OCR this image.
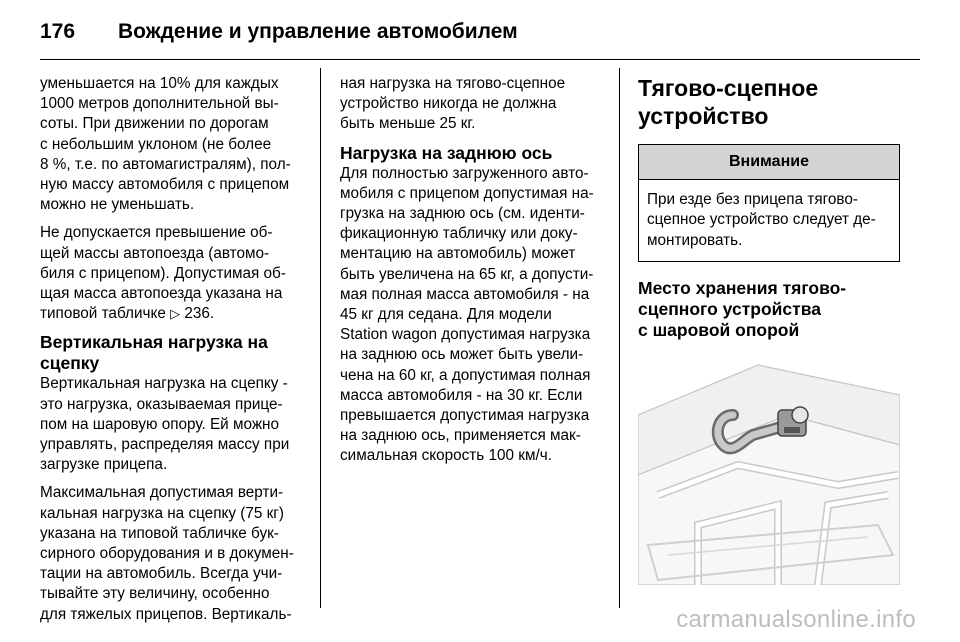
176	Вождение и управление автомобилем

уменьшается на 10% для каждых
1000 метров дополнительной вы-
соты. При движении по дорогам
с небольшим уклоном (не более
8 %, т.е. по автомагистралям), пол-
ную массу автомобиля с прицепом
можно не уменьшать.

Не допускается превышение об-
щей массы автопоезда (автомо-
биля с прицепом). Допустимая об-
щая масса автопоезда указана на
типовой табличке ▷ 236.

Вертикальная нагрузка на
сцепку

Вертикальная нагрузка на сцепку -
это нагрузка, оказываемая прице-
пом на шаровую опору. Ей можно
управлять, распределяя массу при
загрузке прицепа.

Максимальная допустимая верти-
кальная нагрузка на сцепку (75 кг)
указана на типовой табличке бук-
сирного оборудования и в докумен-
тации на автомобиль. Всегда учи-
тывайте эту величину, особенно
для тяжелых прицепов. Вертикаль-

ная нагрузка на тягово-сцепное
устройство никогда не должна
быть меньше 25 кг.

Нагрузка на заднюю ось

Для полностью загруженного авто-
мобиля с прицепом допустимая на-
грузка на заднюю ось (см. иденти-
фикационную табличку или доку-
ментацию на автомобиль) может
быть увеличена на 65 кг, а допусти-
мая полная масса автомобиля - на
45 кг для седана. Для модели
Station wagon допустимая нагрузка
на заднюю ось может быть увели-
чена на 60 кг, а допустимая полная
масса автомобиля - на 30 кг. Если
превышается допустимая нагрузка
на заднюю ось, применяется мак-
симальная скорость 100 км/ч.

Тягово-сцепное
устройство
Внимание
При езде без прицепа тягово-
сцепное устройство следует де-
монтировать.
Место хранения тягово-
сцепного устройства
с шаровой опорой
carmanualsonline.info
